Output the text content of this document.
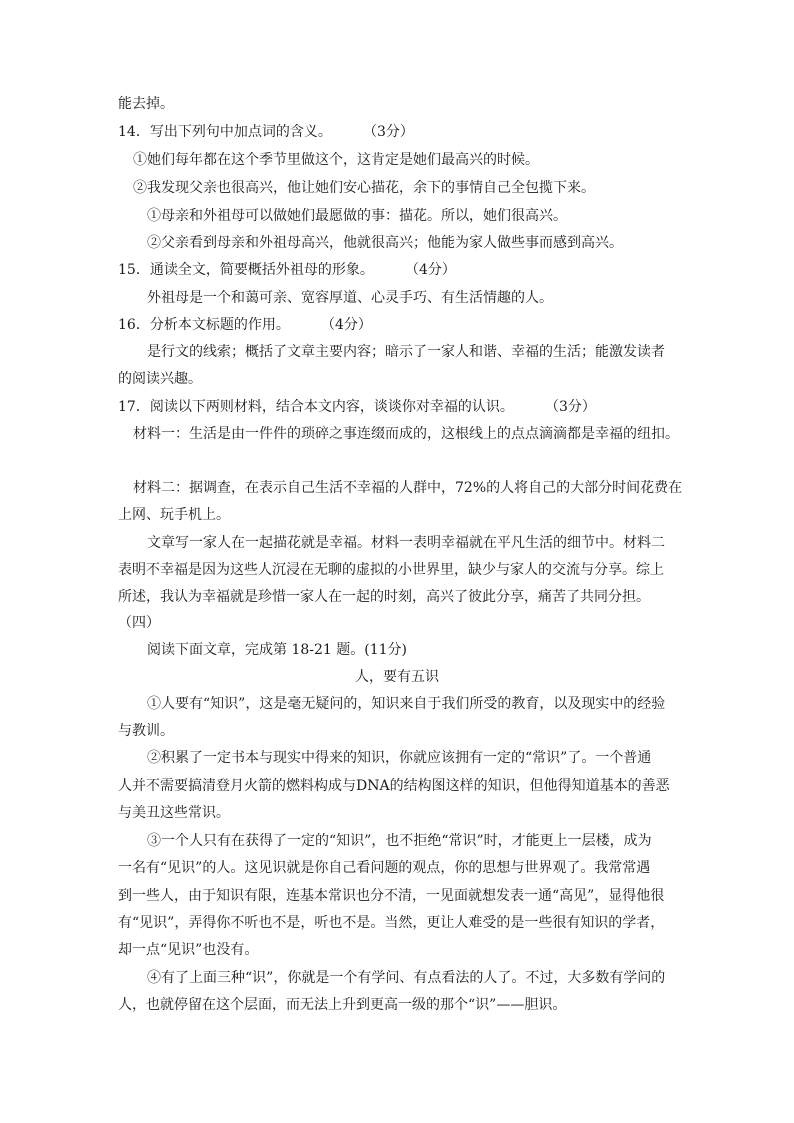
能去掉。
14．写出下列句中加点词的含义。       （3分）
①她们每年都在这个季节里做这个，这肯定是她们最高兴的时候。
②我发现父亲也很高兴，他让她们安心描花，余下的事情自己全包揽下来。
①母亲和外祖母可以做她们最愿做的事：描花。所以，她们很高兴。
②父亲看到母亲和外祖母高兴，他就很高兴；他能为家人做些事而感到高兴。
15．通读全文，简要概括外祖母的形象。       （4分）
外祖母是一个和蔼可亲、宽容厚道、心灵手巧、有生活情趣的人。
16．分析本文标题的作用。       （4分）
是行文的线索；概括了文章主要内容；暗示了一家人和谐、幸福的生活；能激发读者
的阅读兴趣。
17．阅读以下两则材料，结合本文内容，谈谈你对幸福的认识。       （3分）
材料一：生活是由一件件的琐碎之事连缀而成的，这根线上的点点滴滴都是幸福的纽扣。
材料二：据调查，在表示自己生活不幸福的人群中，72%的人将自己的大部分时间花费在
上网、玩手机上。
文章写一家人在一起描花就是幸福。材料一表明幸福就在平凡生活的细节中。材料二
表明不幸福是因为这些人沉浸在无聊的虚拟的小世界里，缺少与家人的交流与分享。综上
所述，我认为幸福就是珍惜一家人在一起的时刻，高兴了彼此分享，痛苦了共同分担。
（四）
阅读下面文章，完成第 18-21 题。(11分)
人，要有五识
①人要有“知识”，这是毫无疑问的，知识来自于我们所受的教育，以及现实中的经验
与教训。
②积累了一定书本与现实中得来的知识，你就应该拥有一定的“常识”了。一个普通
人并不需要搞清登月火箭的燃料构成与DNA的结构图这样的知识，但他得知道基本的善恶
与美丑这些常识。
③一个人只有在获得了一定的“知识”，也不拒绝“常识”时，才能更上一层楼，成为
一名有“见识”的人。这见识就是你自己看问题的观点，你的思想与世界观了。我常常遇
到一些人，由于知识有限，连基本常识也分不清，一见面就想发表一通“高见”，显得他很
有“见识”，弄得你不听也不是，听也不是。当然，更让人难受的是一些很有知识的学者，
却一点“见识”也没有。
④有了上面三种“识”，你就是一个有学问、有点看法的人了。不过，大多数有学问的
人，也就停留在这个层面，而无法上升到更高一级的那个“识”——胆识。
